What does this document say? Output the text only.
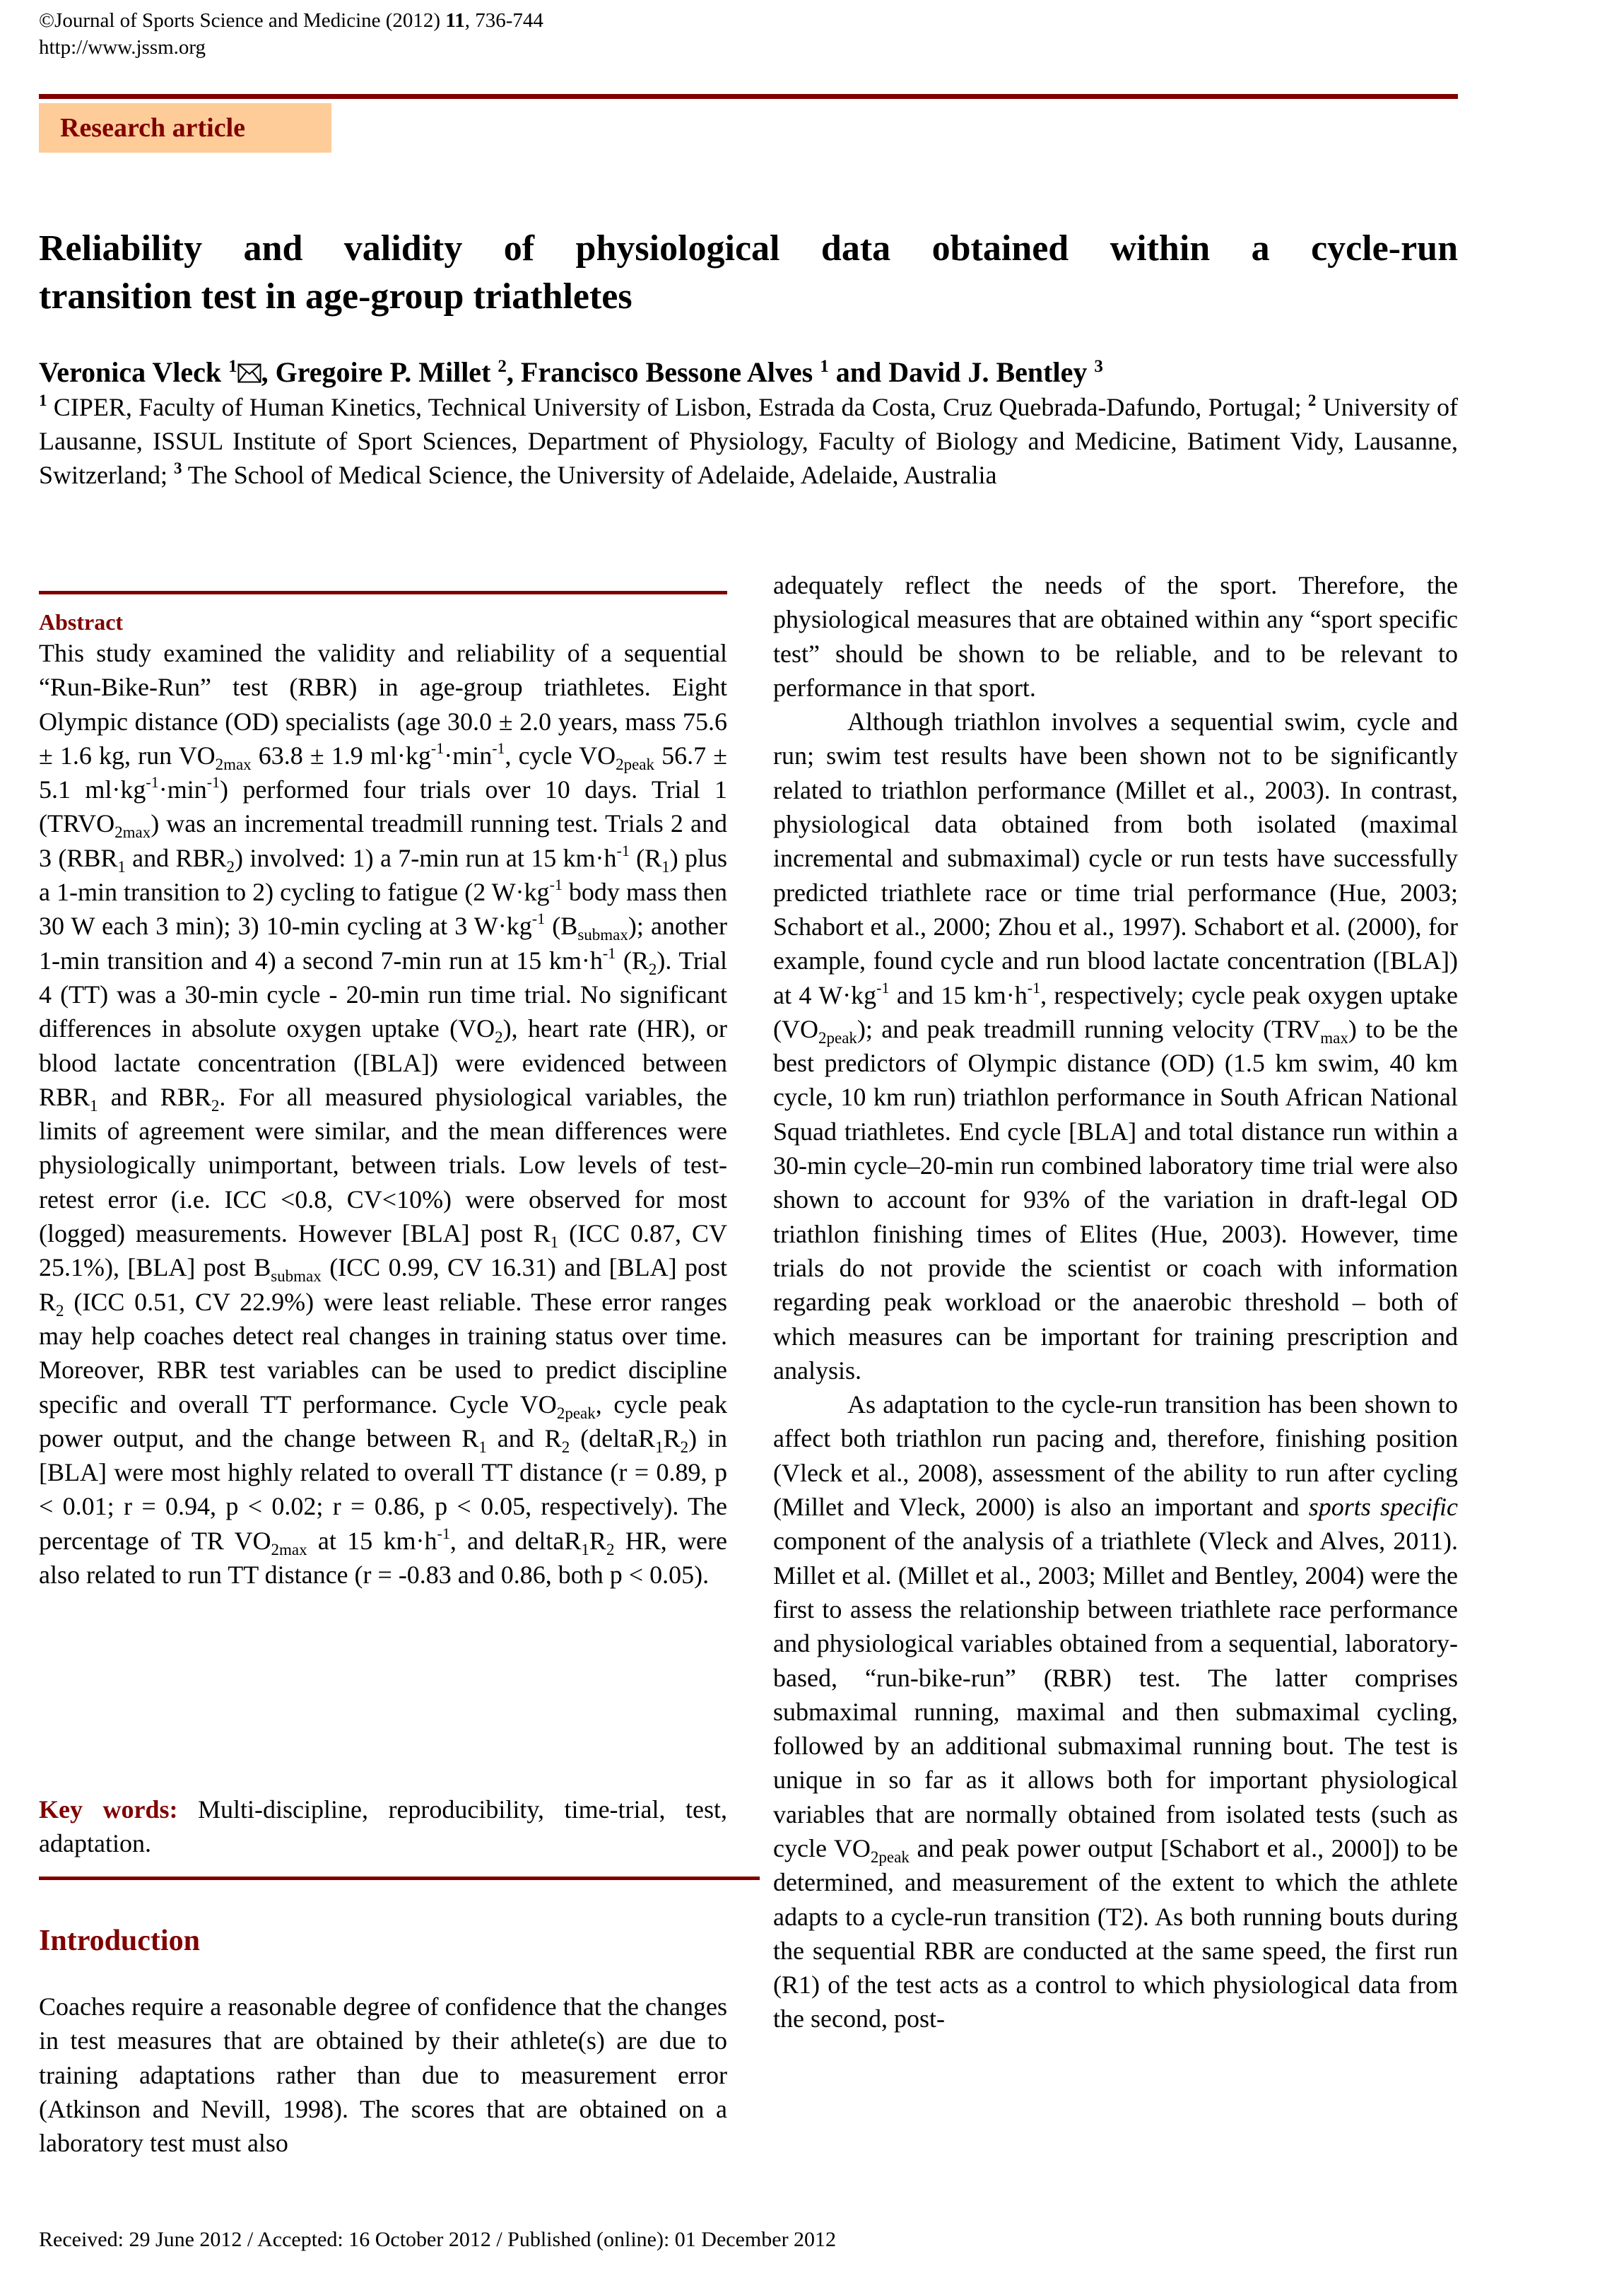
©Journal of Sports Science and Medicine (2012) 11, 736-744
http://www.jssm.org
Research article
Reliability and validity of physiological data obtained within a cycle-run
transition test in age-group triathletes
Veronica Vleck $^1$ , Gregoire P. Millet $^2$, Francisco Bessone Alves $^1$ and David J. Bentley $^3$
$^1$ CIPER, Faculty of Human Kinetics, Technical University of Lisbon, Estrada da Costa, Cruz Quebrada-Dafundo, Portugal; $^2$ University of Lausanne, ISSUL Institute of Sport Sciences, Department of Physiology, Faculty of Biology and Medicine, Batiment Vidy, Lausanne, Switzerland; $^3$ The School of Medical Science, the University of Adelaide, Adelaide, Australia
Abstract

This study examined the validity and reliability of a sequential “Run-Bike-Run” test (RBR) in age-group triathletes. Eight Olympic distance (OD) specialists (age 30.0 ± 2.0 years, mass 75.6 ± 1.6 kg, run $VO_{2max}$ 63.8 ± 1.9 $ml\cdot kg^{-1}\cdot\min^{-1}$, cycle $VO_{2peak}$ 56.7 ± 5.1 $ml\cdot kg^{-1}\cdot\min^{-1}$) performed four trials over 10 days. Trial 1 $(TRVO_{2max})$ was an incremental treadmill running test. Trials 2 and 3 ($RBR_1$ and $RBR_2$) involved: 1) a 7-min run at 15 $km\cdot h^{-1}$ $(R_1)$ plus a 1-min transition to 2) cycling to fatigue (2 $W\cdot kg^{-1}$ body mass then 30 W each 3 min); 3) 10-min cycling at 3 $W\cdot kg^{-1}$ $(B_{submax})$; another 1-min transition and 4) a second 7-min run at 15 $km\cdot h^{-1}$ $(R_2)$. Trial 4 (TT) was a 30-min cycle - 20-min run time trial. No significant differences in absolute oxygen uptake $(VO_2)$, heart rate (HR), or blood lactate concentration ([BLA]) were evidenced between $RBR_1$ and $RBR_2$. For all measured physiological variables, the limits of agreement were similar, and the mean differences were physiologically unimportant, between trials. Low levels of test-retest error (i.e. ICC <0.8, CV<10%) were observed for most (logged) measurements. However [BLA] post $R_1$ (ICC 0.87, CV 25.1%), [BLA] post $B_{submax}$ (ICC 0.99, CV 16.31) and [BLA] post $R_2$ (ICC 0.51, CV 22.9%) were least reliable. These error ranges may help coaches detect real changes in training status over time. Moreover, RBR test variables can be used to predict discipline specific and overall TT performance. Cycle $VO_{2peak}$, cycle peak power output, and the change between $R_1$ and $R_2$ $(deltaR_1R_2)$ in [BLA] were most highly related to overall TT distance (r = 0.89, p < 0.01; r = 0.94, p < 0.02; r = 0.86, p < 0.05, respectively). The percentage of TR $VO_{2max}$ at 15 $km\cdot h^{-1}$, and $deltaR_1R_2$ HR, were also related to run TT distance (r = -0.83 and 0.86, both p < 0.05).

Key words: Multi-discipline, reproducibility, time-trial, test, adaptation.

Introduction

Coaches require a reasonable degree of confidence that the changes in test measures that are obtained by their athlete(s) are due to training adaptations rather than due to measurement error (Atkinson and Nevill, 1998). The scores that are obtained on a laboratory test must also

adequately reflect the needs of the sport. Therefore, the physiological measures that are obtained within any “sport specific test” should be shown to be reliable, and to be relevant to performance in that sport.

Although triathlon involves a sequential swim, cycle and run; swim test results have been shown not to be significantly related to triathlon performance (Millet et al., 2003). In contrast, physiological data obtained from both isolated (maximal incremental and submaximal) cycle or run tests have successfully predicted triathlete race or time trial performance (Hue, 2003; Schabort et al., 2000; Zhou et al., 1997). Schabort et al. (2000), for example, found cycle and run blood lactate concentration ([BLA]) at 4 $W\cdot kg^{-1}$ and 15 $km\cdot h^{-1}$, respectively; cycle peak oxygen uptake $(VO_{2peak})$; and peak treadmill running velocity $(TRV_{max})$ to be the best predictors of Olympic distance (OD) (1.5 km swim, 40 km cycle, 10 km run) triathlon performance in South African National Squad triathletes. End cycle [BLA] and total distance run within a 30-min cycle–20-min run combined laboratory time trial were also shown to account for 93% of the variation in draft-legal OD triathlon finishing times of Elites (Hue, 2003). However, time trials do not provide the scientist or coach with information regarding peak workload or the anaerobic threshold – both of which measures can be important for training prescription and analysis.

As adaptation to the cycle-run transition has been shown to affect both triathlon run pacing and, therefore, finishing position (Vleck et al., 2008), assessment of the ability to run after cycling (Millet and Vleck, 2000) is also an important and sports specific component of the analysis of a triathlete (Vleck and Alves, 2011). Millet et al. (Millet et al., 2003; Millet and Bentley, 2004) were the first to assess the relationship between triathlete race performance and physiological variables obtained from a sequential, laboratory-based, “run-bike-run” (RBR) test. The latter comprises submaximal running, maximal and then submaximal cycling, followed by an additional submaximal running bout. The test is unique in so far as it allows both for important physiological variables that are normally obtained from isolated tests (such as cycle $VO_{2peak}$ and peak power output [Schabort et al., 2000]) to be determined, and measurement of the extent to which the athlete adapts to a cycle-run transition (T2). As both running bouts during the sequential RBR are conducted at the same speed, the first run (R1) of the test acts as a control to which physiological data from the second, post-

Received: 29 June 2012 / Accepted: 16 October 2012 / Published (online): 01 December 2012
